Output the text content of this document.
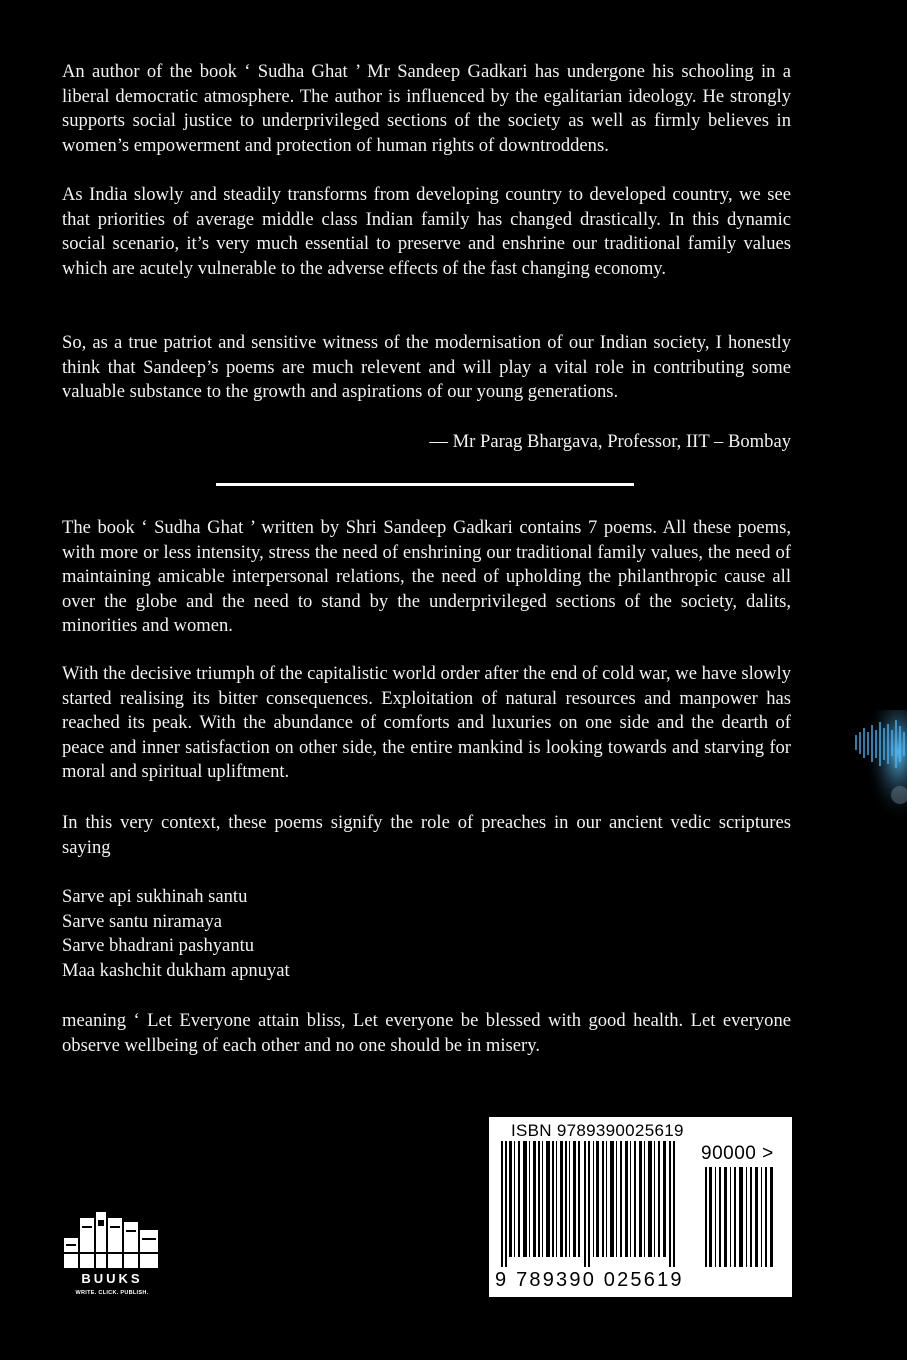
An author of the book ‘ Sudha Ghat ’ Mr Sandeep Gadkari has undergone his schooling in a liberal democratic atmosphere. The author is influenced by the egalitarian ideology. He strongly supports social justice to underprivileged sections of the society as well as firmly believes in women’s empowerment and protection of human rights of downtroddens.

As India slowly and steadily transforms from developing country to developed country, we see that priorities of average middle class Indian family has changed drastically. In this dynamic social scenario, it’s very much essential to preserve and enshrine our traditional family values which are acutely vulnerable to the adverse effects of the fast changing economy.

So, as a true patriot and sensitive witness of the modernisation of our Indian society, I honestly think that Sandeep’s poems are much relevent and will play a vital role in contributing some valuable substance to the growth and aspirations of our young generations.

— Mr Parag Bhargava, Professor, IIT – Bombay

The book ‘ Sudha Ghat ’ written by Shri Sandeep Gadkari contains 7 poems. All these poems, with more or less intensity, stress the need of enshrining our traditional family values, the need of maintaining amicable interpersonal relations, the need of upholding the philanthropic cause all over the globe and the need to stand by the underprivileged sections of the society, dalits, minorities and women.

With the decisive triumph of the capitalistic world order after the end of cold war, we have slowly started realising its bitter consequences. Exploitation of natural resources and manpower has reached its peak. With the abundance of comforts and luxuries on one side and the dearth of peace and inner satisfaction on other side, the entire mankind is looking towards and starving for moral and spiritual upliftment.

In this very context, these poems signify the role of preaches in our ancient vedic scriptures saying

Sarve api sukhinah santu
Sarve santu niramaya
Sarve bhadrani pashyantu
Maa kashchit dukham apnuyat

meaning ‘ Let Everyone attain bliss, Let everyone be blessed with good health. Let everyone observe wellbeing of each other and no one should be in misery.

ISBN 9789390025619
90000 >
9 789390 025619
BUUKS
WRITE. CLICK. PUBLISH.
